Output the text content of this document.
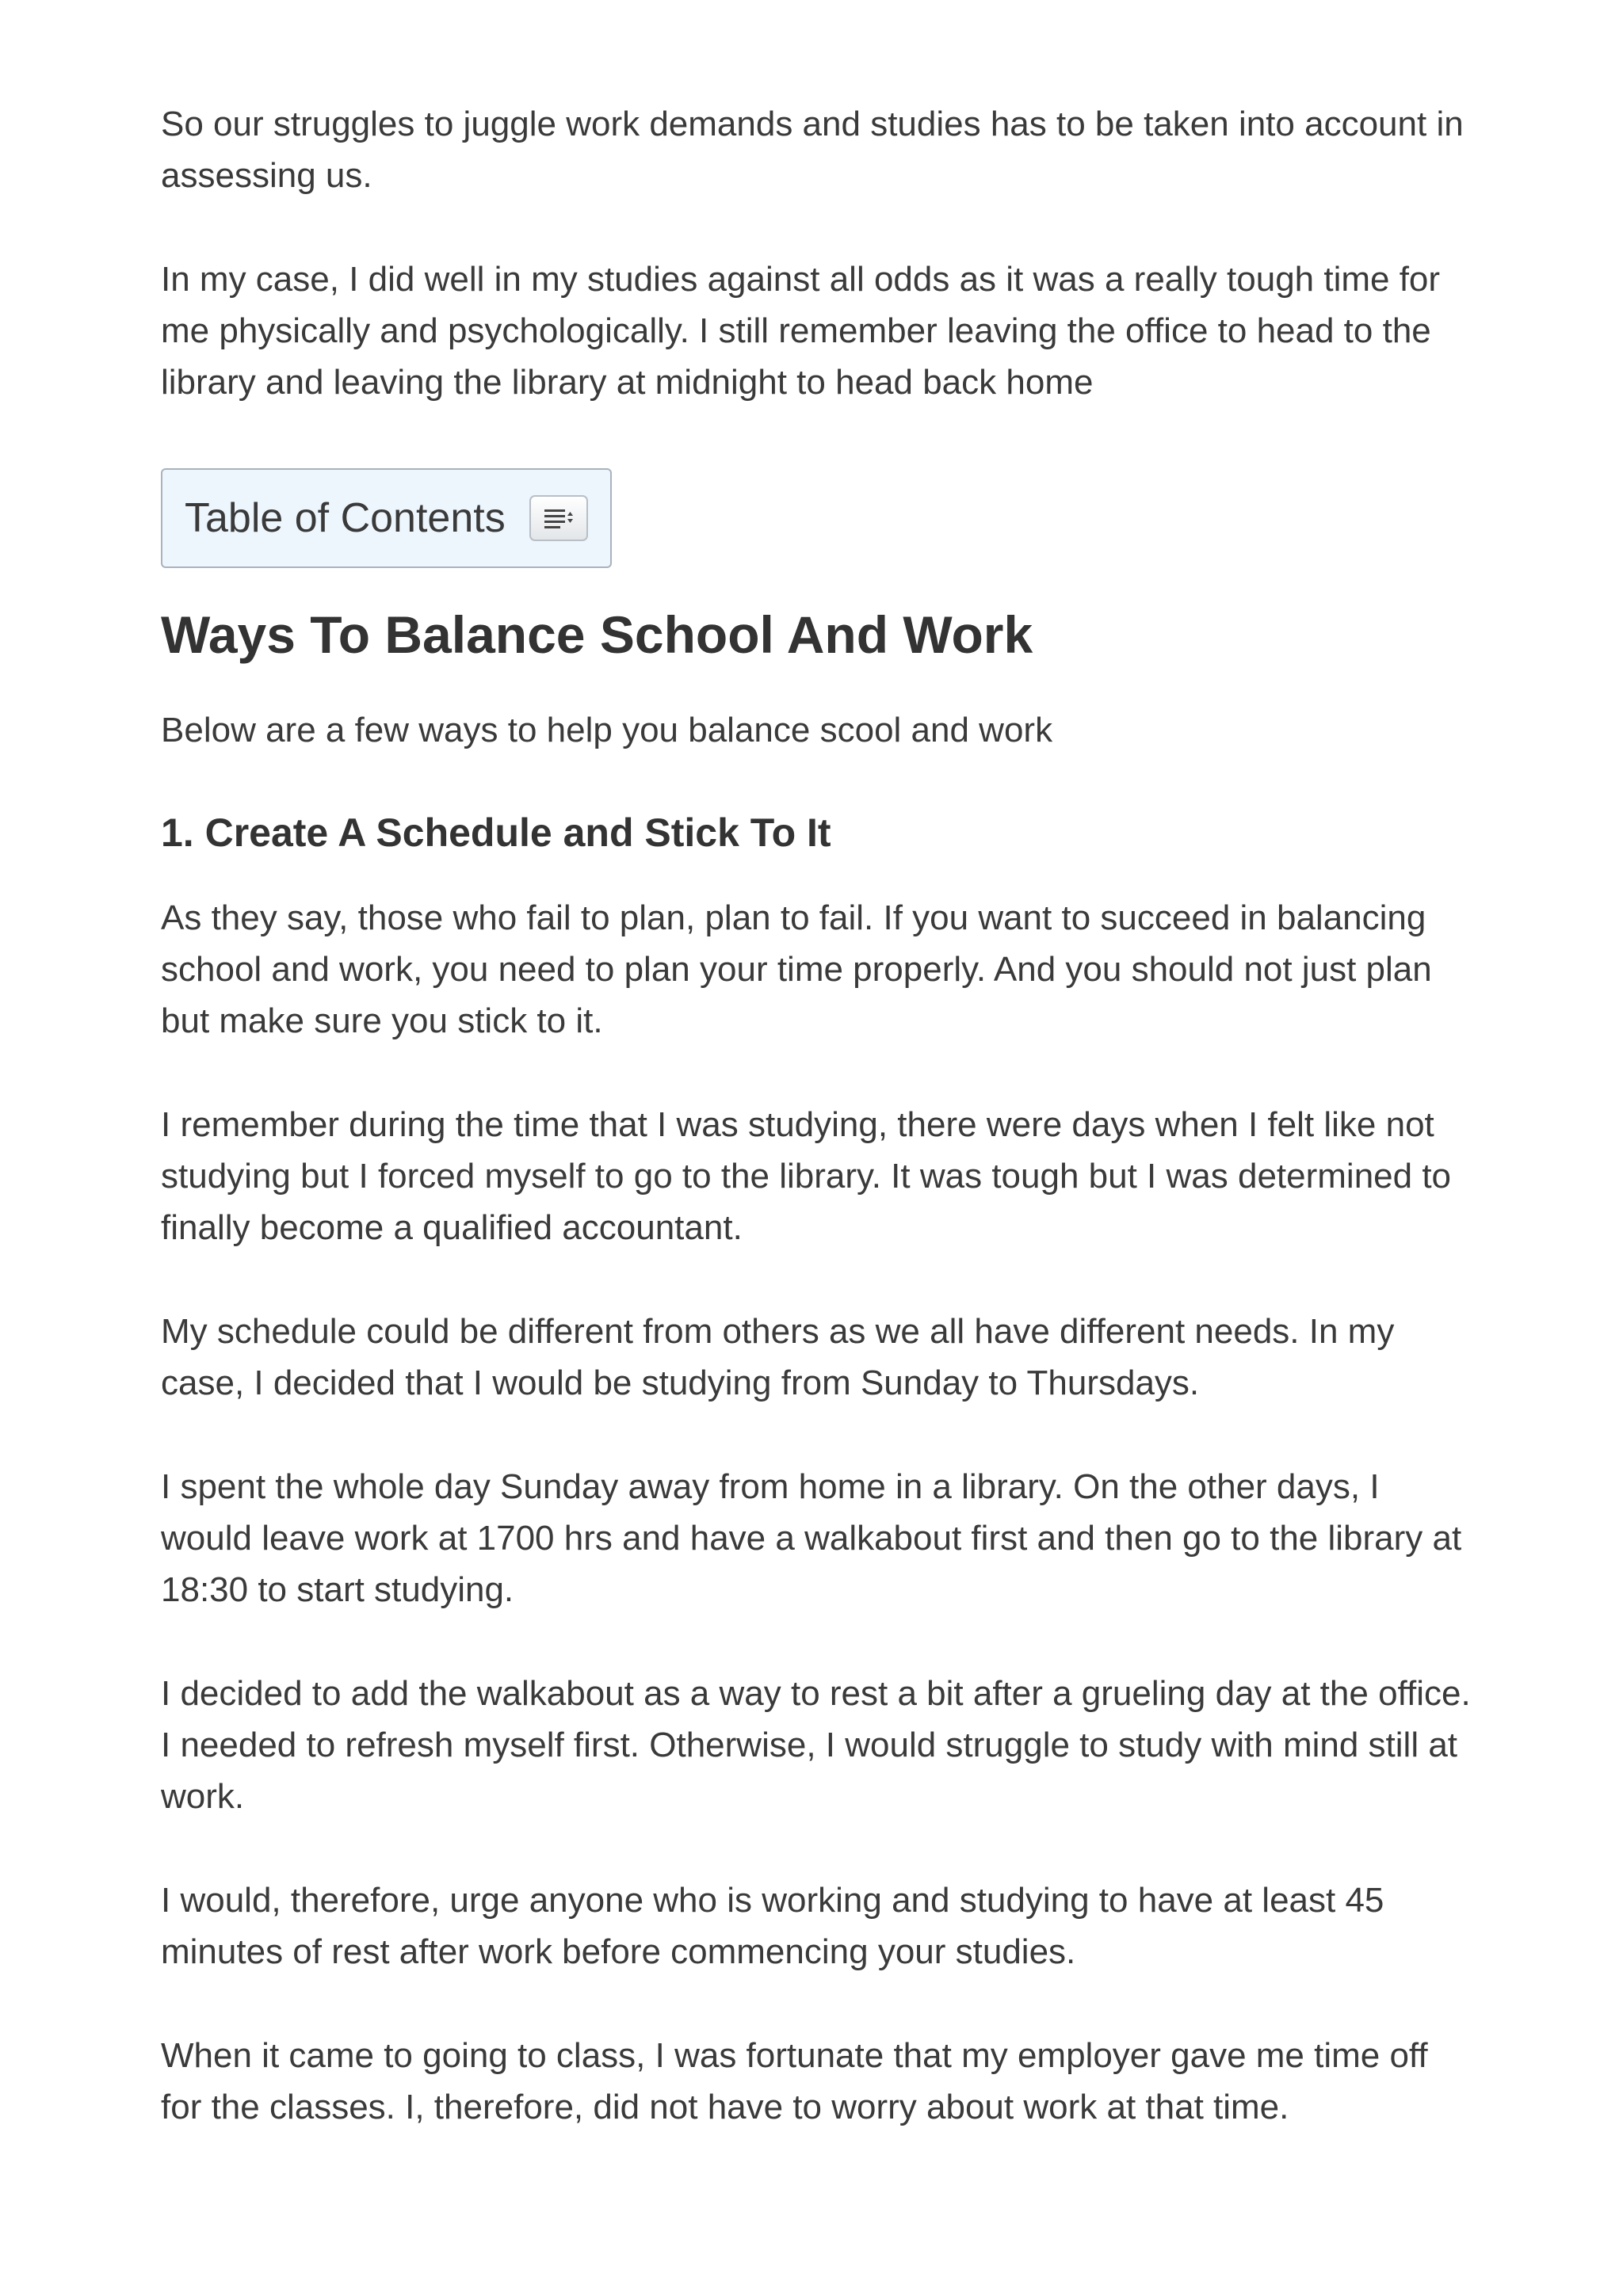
So our struggles to juggle work demands and studies has to be taken into account in assessing us.

In my case, I did well in my studies against all odds as it was a really tough time for me physically and psychologically. I still remember leaving the office to head to the library and leaving the library at midnight to head back home

Table of Contents
Ways To Balance School And Work

Below are a few ways to help you balance scool and work

1. Create A Schedule and Stick To It

As they say, those who fail to plan, plan to fail. If you want to succeed in balancing school and work, you need to plan your time properly. And you should not just plan but make sure you stick to it.

I remember during the time that I was studying, there were days when I felt like not studying but I forced myself to go to the library. It was tough but I was determined to finally become a qualified accountant.

My schedule could be different from others as we all have different needs. In my case, I decided that I would be studying from Sunday to Thursdays.

I spent the whole day Sunday away from home in a library. On the other days, I would leave work at 1700 hrs and have a walkabout first and then go to the library at 18:30 to start studying.

I decided to add the walkabout as a way to rest a bit after a grueling day at the office. I needed to refresh myself first. Otherwise, I would struggle to study with mind still at work.

I would, therefore, urge anyone who is working and studying to have at least 45 minutes of rest after work before commencing your studies.

When it came to going to class, I was fortunate that my employer gave me time off for the classes. I, therefore, did not have to worry about work at that time.
